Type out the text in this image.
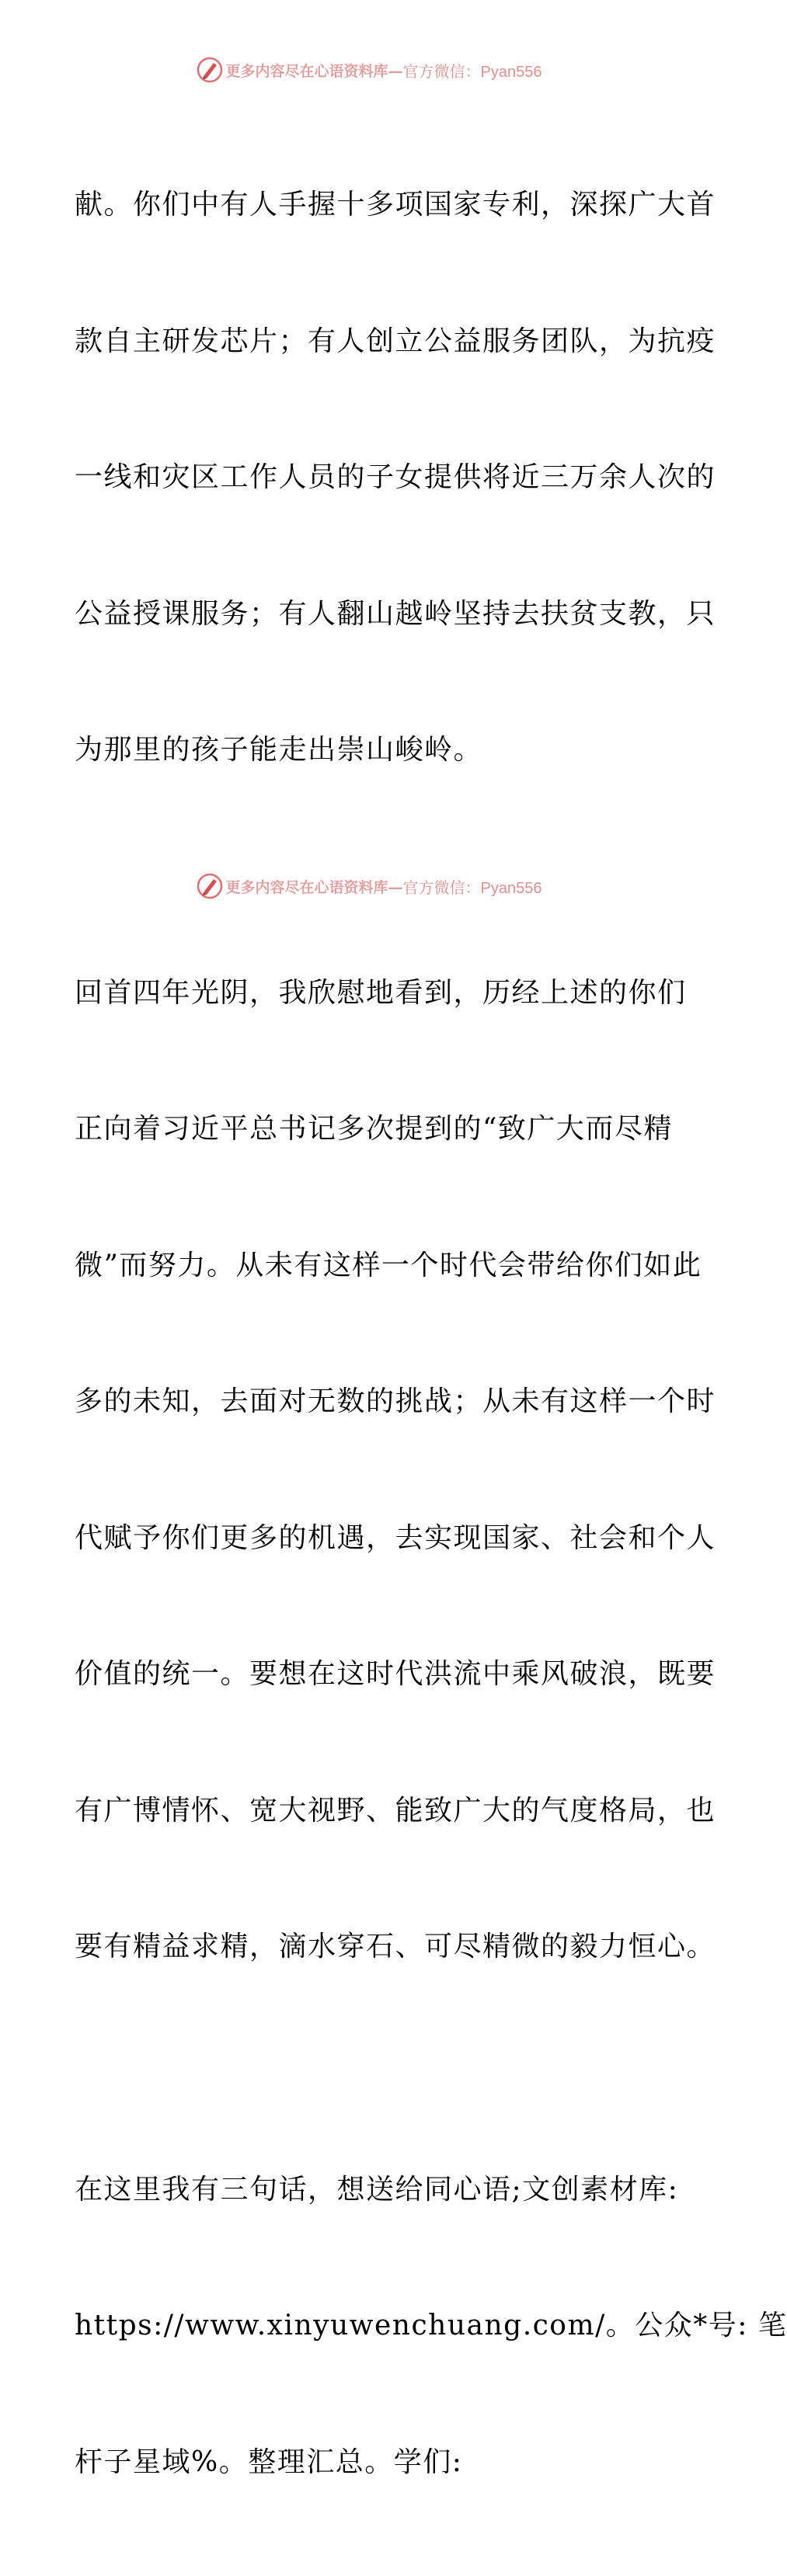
更多内容尽在心语资料库— 官方微信：Pyan556

献。你们中有人手握十多项国家专利，深探广大首

款自主研发芯片；有人创立公益服务团队，为抗疫

一线和灾区工作人员的子女提供将近三万余人次的

公益授课服务；有人翻山越岭坚持去扶贫支教，只

为那里的孩子能走出崇山峻岭。

回首四年光阴，我欣慰地看到，历经上述的你们

正向着习近平总书记多次提到的“致广大而尽精

微”而努力。从未有这样一个时代会带给你们如此

多的未知，去面对无数的挑战；从未有这样一个时

代赋予你们更多的机遇，去实现国家、社会和个人

价值的统一。要想在这时代洪流中乘风破浪，既要

有广博情怀、宽大视野、能致广大的气度格局，也

要有精益求精，滴水穿石、可尽精微的毅力恒心。

在这里我有三句话，想送给同心语;文创素材库:

https://www.xinyuwenchuang.com/。公众*号: 笔

杆子星域%。整理汇总。学们:

更多内容尽在心语资料库— 官方微信：Pyan556
